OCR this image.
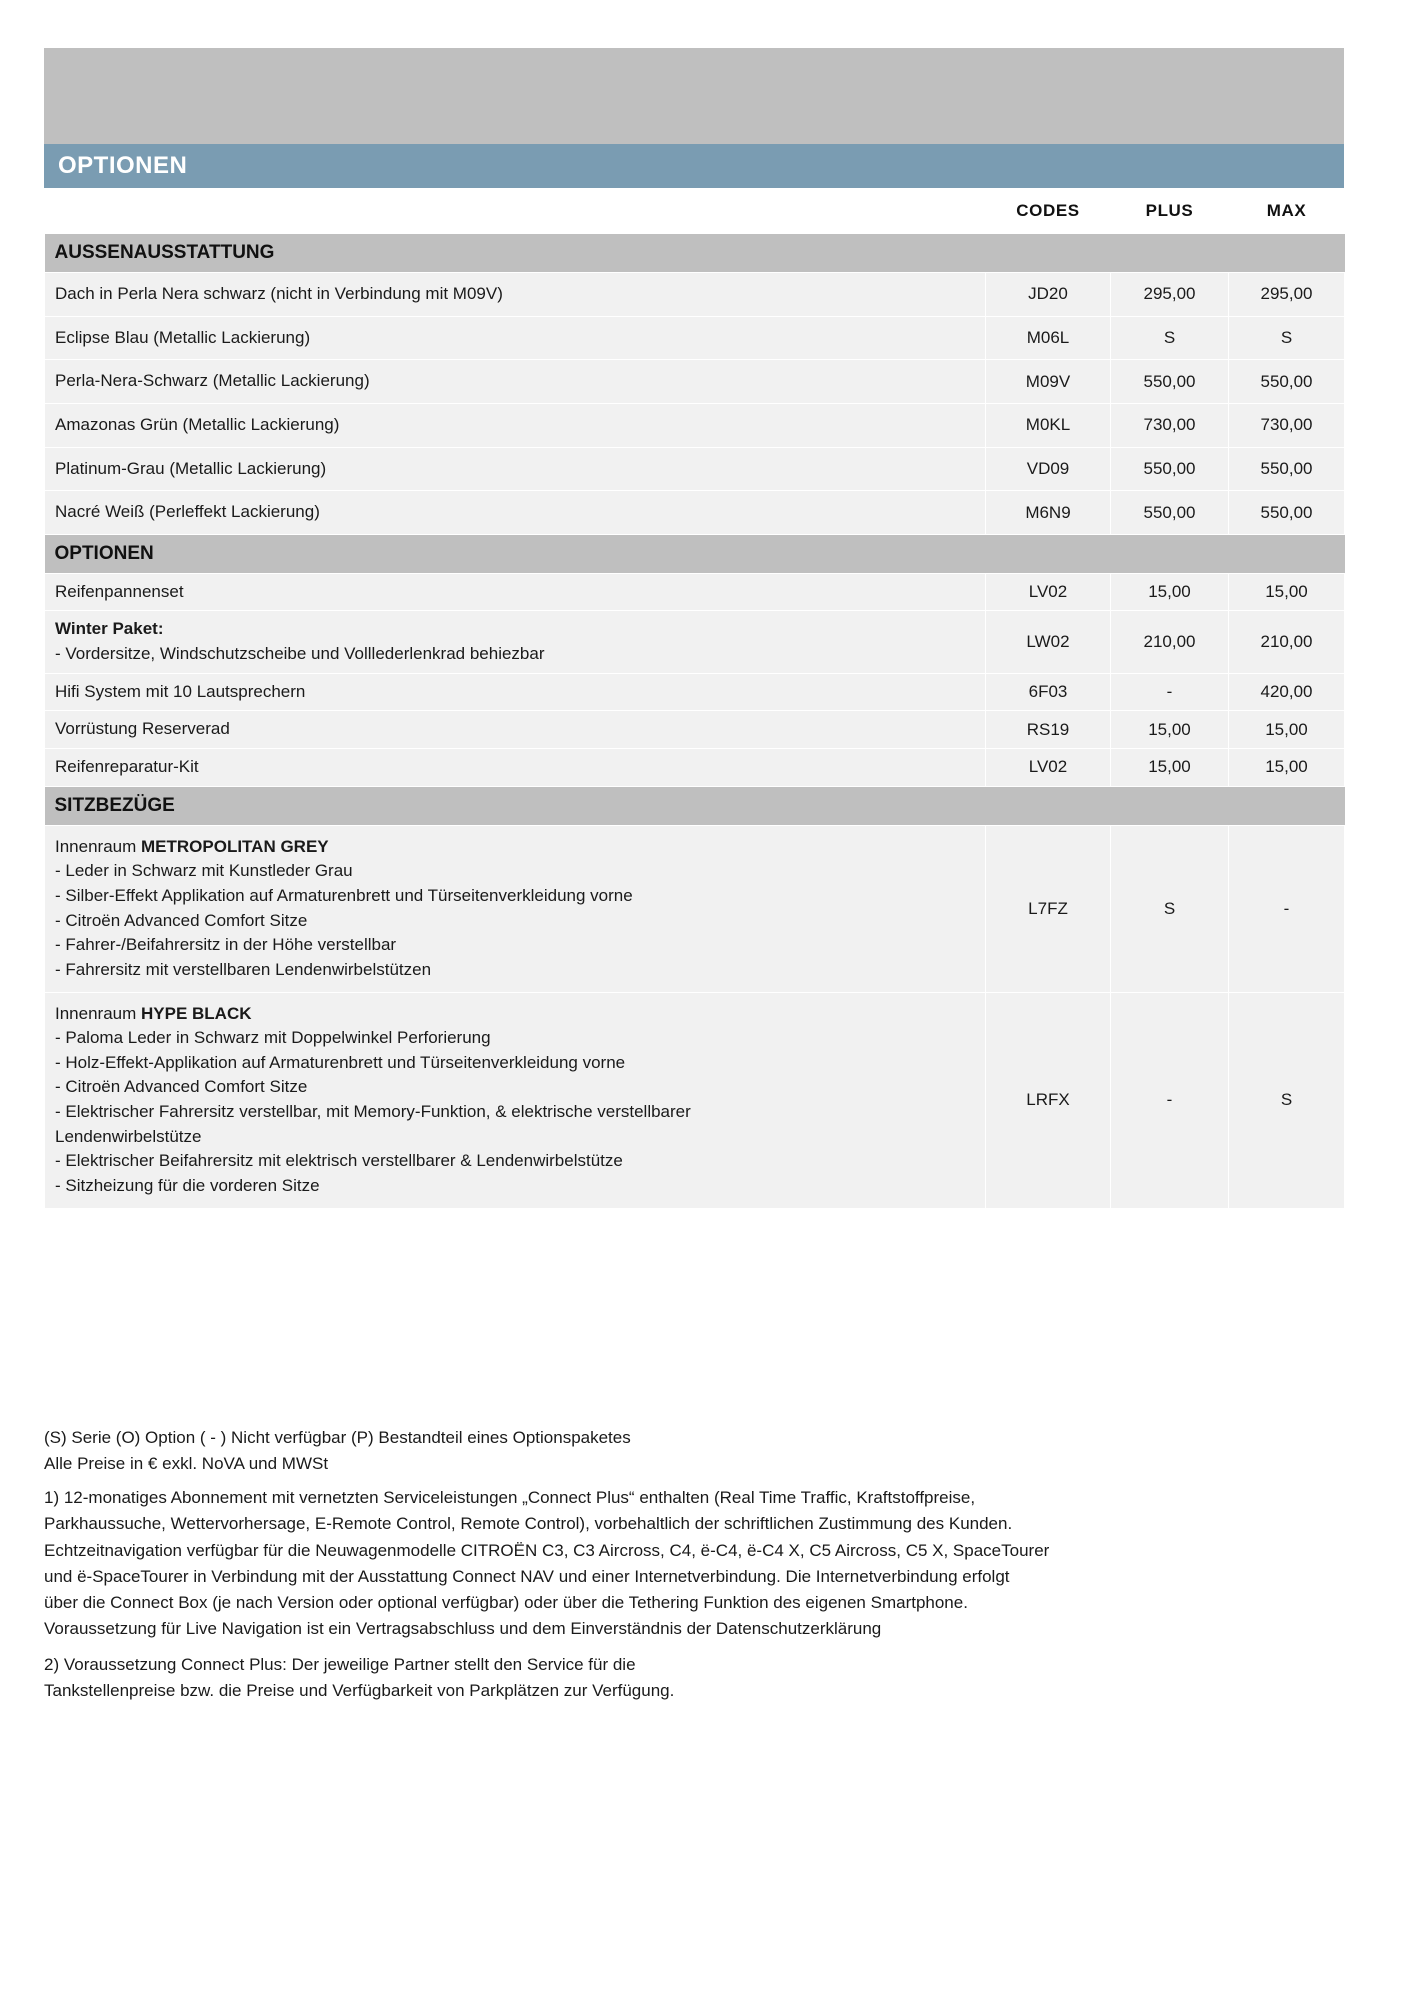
OPTIONEN
	CODES	PLUS	MAX
AUSSENAUSSTATTUNG			
Dach in Perla Nera schwarz (nicht in Verbindung mit M09V)	JD20	295,00	295,00
Eclipse Blau (Metallic Lackierung)	M06L	S	S
Perla-Nera-Schwarz (Metallic Lackierung)	M09V	550,00	550,00
Amazonas Grün (Metallic Lackierung)	M0KL	730,00	730,00
Platinum-Grau (Metallic Lackierung)	VD09	550,00	550,00
Nacré Weiß (Perleffekt Lackierung)	M6N9	550,00	550,00
OPTIONEN			
Reifenpannenset	LV02	15,00	15,00

Winter Paket:
- Vordersitze, Windschutzscheibe und Volllederlenkrad behiezbar	LW02	210,00	210,00
Hifi System mit 10 Lautsprechern	6F03	-	420,00
Vorrüstung Reserverad	RS19	15,00	15,00
Reifenreparatur-Kit	LV02	15,00	15,00
SITZBEZÜGE			

Innenraum METROPOLITAN GREY
- Leder in Schwarz mit Kunstleder Grau
- Silber-Effekt Applikation auf Armaturenbrett und Türseitenverkleidung vorne
- Citroën Advanced Comfort Sitze
- Fahrer-/Beifahrersitz in der Höhe verstellbar
- Fahrersitz mit verstellbaren Lendenwirbelstützen
	L7FZ	S	-

Innenraum HYPE BLACK
- Paloma Leder in Schwarz mit Doppelwinkel Perforierung
- Holz-Effekt-Applikation auf Armaturenbrett und Türseitenverkleidung vorne
- Citroën Advanced Comfort Sitze
- Elektrischer Fahrersitz verstellbar, mit Memory-Funktion, & elektrische verstellbarer
Lendenwirbelstütze
- Elektrischer Beifahrersitz mit elektrisch verstellbarer & Lendenwirbelstütze
- Sitzheizung für die vorderen Sitze
	LRFX	-	S
(S) Serie (O) Option ( - ) Nicht verfügbar (P) Bestandteil eines Optionspaketes
Alle Preise in € exkl. NoVA und MWSt
1) 12-monatiges Abonnement mit vernetzten Serviceleistungen „Connect Plus“ enthalten (Real Time Traffic, Kraftstoffpreise,
Parkhaussuche, Wettervorhersage, E-Remote Control, Remote Control), vorbehaltlich der schriftlichen Zustimmung des Kunden.
Echtzeitnavigation verfügbar für die Neuwagenmodelle CITROËN C3, C3 Aircross, C4, ë-C4, ë-C4 X, C5 Aircross, C5 X, SpaceTourer
und ë-SpaceTourer in Verbindung mit der Ausstattung Connect NAV und einer Internetverbindung. Die Internetverbindung erfolgt
über die Connect Box (je nach Version oder optional verfügbar) oder über die Tethering Funktion des eigenen Smartphone.
Voraussetzung für Live Navigation ist ein Vertragsabschluss und dem Einverständnis der Datenschutzerklärung
2) Voraussetzung Connect Plus: Der jeweilige Partner stellt den Service für die
Tankstellenpreise bzw. die Preise und Verfügbarkeit von Parkplätzen zur Verfügung.
